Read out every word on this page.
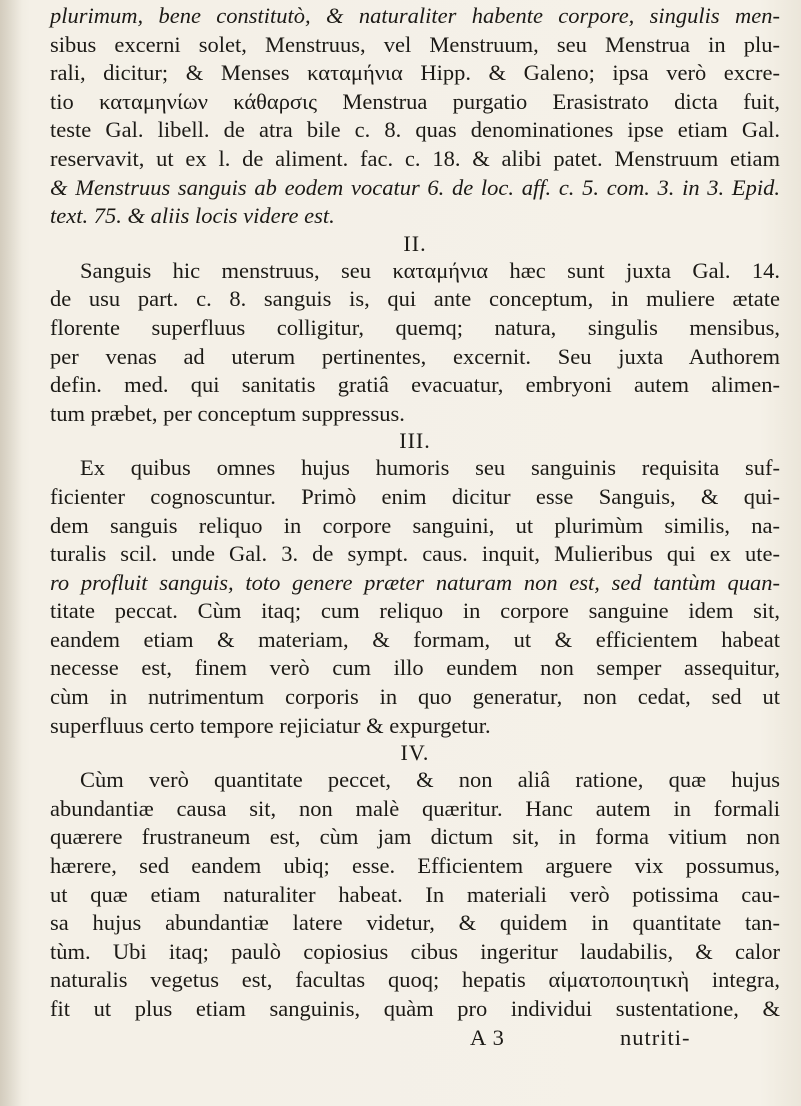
plurimum, bene constitutò, & naturaliter habente corpore, singulis men-
sibus excerni solet, Menstruus, vel Menstruum, seu Menstrua in plu-
rali, dicitur; & Menses καταμήνια Hipp. & Galeno; ipsa verò excre-
tio καταμηνίων κάθαρσις Menstrua purgatio Erasistrato dicta fuit,
teste Gal. libell. de atra bile c. 8. quas denominationes ipse etiam Gal.
reservavit, ut ex l. de aliment. fac. c. 18. & alibi patet. Menstruum etiam
& Menstruus sanguis ab eodem vocatur 6. de loc. aff. c. 5. com. 3. in 3. Epid.
text. 75. & aliis locis videre est.
II.
Sanguis hic menstruus, seu καταμήνια hæc sunt juxta Gal. 14.
de usu part. c. 8. sanguis is, qui ante conceptum, in muliere ætate
florente superfluus colligitur, quemq; natura, singulis mensibus,
per venas ad uterum pertinentes, excernit. Seu juxta Authorem
defin. med. qui sanitatis gratiâ evacuatur, embryoni autem alimen-
tum præbet, per conceptum suppressus.
III.
Ex quibus omnes hujus humoris seu sanguinis requisita suf-
ficienter cognoscuntur. Primò enim dicitur esse Sanguis, & qui-
dem sanguis reliquo in corpore sanguini, ut plurimùm similis, na-
turalis scil. unde Gal. 3. de sympt. caus. inquit, Mulieribus qui ex ute-
ro profluit sanguis, toto genere præter naturam non est, sed tantùm quan-
titate peccat. Cùm itaq; cum reliquo in corpore sanguine idem sit,
eandem etiam & materiam, & formam, ut & efficientem habeat
necesse est, finem verò cum illo eundem non semper assequitur,
cùm in nutrimentum corporis in quo generatur, non cedat, sed ut
superfluus certo tempore rejiciatur & expurgetur.
IV.
Cùm verò quantitate peccet, & non aliâ ratione, quæ hujus
abundantiæ causa sit, non malè quæritur. Hanc autem in formali
quærere frustraneum est, cùm jam dictum sit, in forma vitium non
hærere, sed eandem ubiq; esse. Efficientem arguere vix possumus,
ut quæ etiam naturaliter habeat. In materiali verò potissima cau-
sa hujus abundantiæ latere videtur, & quidem in quantitate tan-
tùm. Ubi itaq; paulò copiosius cibus ingeritur laudabilis, & calor
naturalis vegetus est, facultas quoq; hepatis αἱματοποιητικὴ integra,
fit ut plus etiam sanguinis, quàm pro individui sustentatione, &
A 3	nutriti-
